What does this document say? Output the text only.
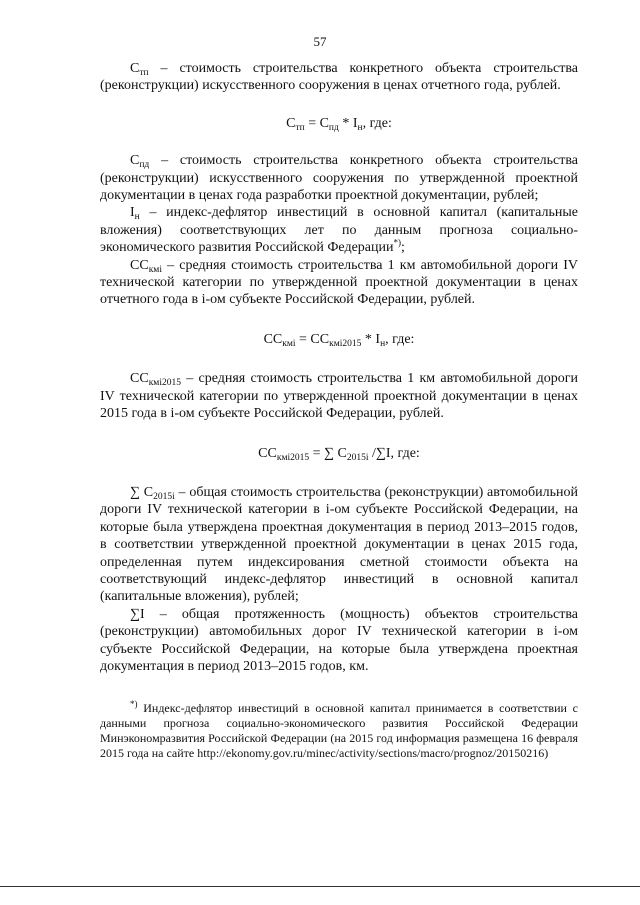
57

$С_{тп}$ – стоимость строительства конкретного объекта строительства (реконструкции) искусственного сооружения в ценах отчетного года, рублей.

$С_{тп} = С_{пд} * I_н$, где:

$С_{пд}$ – стоимость строительства конкретного объекта строительства (реконструкции) искусственного сооружения по утвержденной проектной документации в ценах года разработки проектной документации, рублей;

$I_н$ – индекс-дефлятор инвестиций в основной капитал (капитальные вложения) соответствующих лет по данным прогноза социально-экономического развития Российской Федерации*);

$СС_{кмi}$ – средняя стоимость строительства 1 км автомобильной дороги IV технической категории по утвержденной проектной документации в ценах отчетного года в i-ом субъекте Российской Федерации, рублей.

$СС_{кмi} = СС_{кмi2015} * I_н$, где:

$СС_{кмi2015}$ – средняя стоимость строительства 1 км автомобильной дороги IV технической категории по утвержденной проектной документации в ценах 2015 года в i-ом субъекте Российской Федерации, рублей.

$СС_{кмi2015}$ = ∑ $С_{2015i}$ /∑I, где:

∑ $С_{2015i}$ – общая стоимость строительства (реконструкции) автомобильной дороги IV технической категории в i-ом субъекте Российской Федерации, на которые была утверждена проектная документация в период 2013–2015 годов, в соответствии утвержденной проектной документации в ценах 2015 года, определенная путем индексирования сметной стоимости объекта на соответствующий индекс-дефлятор инвестиций в основной капитал (капитальные вложения), рублей;

∑I – общая протяженность (мощность) объектов строительства (реконструкции) автомобильных дорог IV технической категории в i-ом субъекте Российской Федерации, на которые была утверждена проектная документация в период 2013–2015 годов, км.

*) Индекс-дефлятор инвестиций в основной капитал принимается в соответствии с данными прогноза социально-экономического развития Российской Федерации Минэкономразвития Российской Федерации (на 2015 год информация размещена 16 февраля 2015 года на сайте http://ekonomy.gov.ru/minec/activity/sections/macro/prognoz/20150216)
